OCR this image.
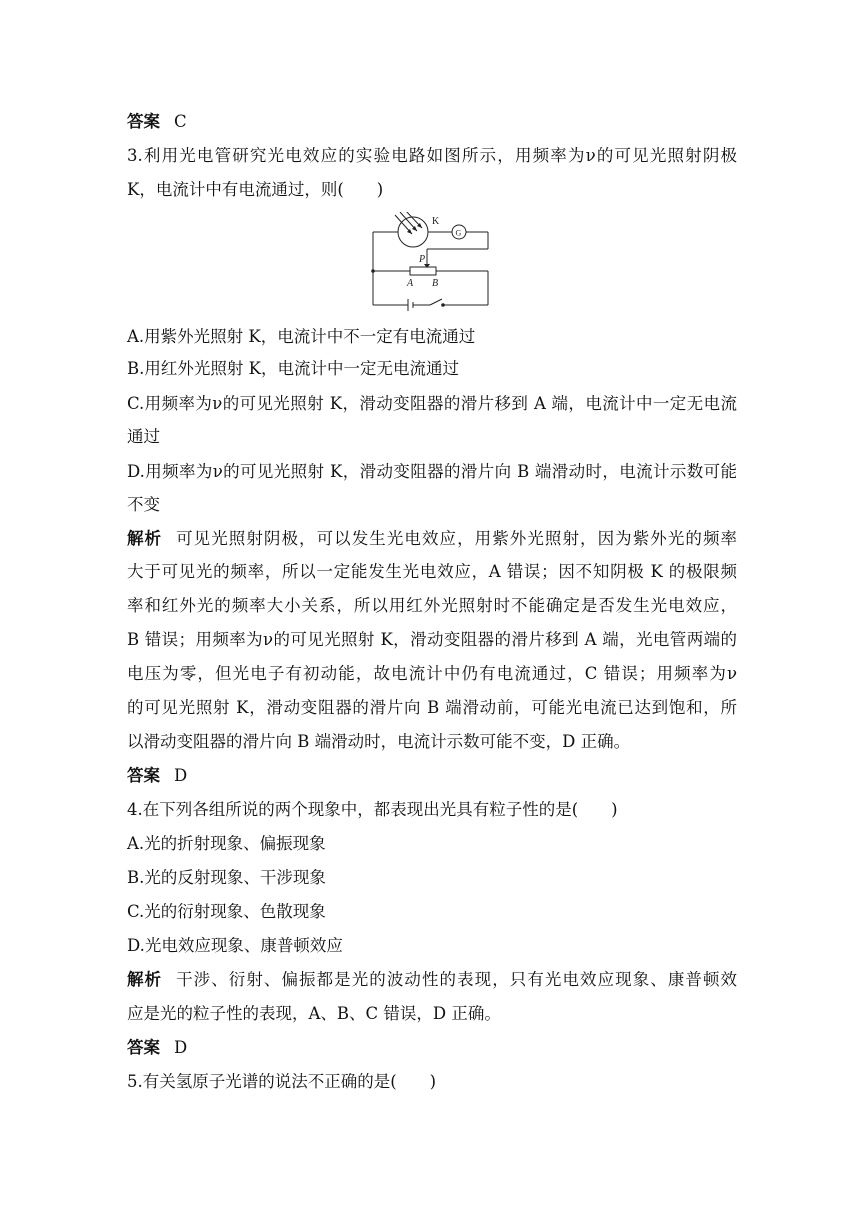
答案 C
3.利用光电管研究光电效应的实验电路如图所示，用频率为ν的可见光照射阴极
K，电流计中有电流通过，则(　　)
K
G
P
A B
A.用紫外光照射 K，电流计中不一定有电流通过
B.用红外光照射 K，电流计中一定无电流通过
C.用频率为ν的可见光照射 K，滑动变阻器的滑片移到 A 端，电流计中一定无电流
通过
D.用频率为ν的可见光照射 K，滑动变阻器的滑片向 B 端滑动时，电流计示数可能
不变
解析 可见光照射阴极，可以发生光电效应，用紫外光照射，因为紫外光的频率
大于可见光的频率，所以一定能发生光电效应，A 错误；因不知阴极 K 的极限频
率和红外光的频率大小关系，所以用红外光照射时不能确定是否发生光电效应，
B 错误；用频率为ν的可见光照射 K，滑动变阻器的滑片移到 A 端，光电管两端的
电压为零，但光电子有初动能，故电流计中仍有电流通过，C 错误；用频率为ν
的可见光照射 K，滑动变阻器的滑片向 B 端滑动前，可能光电流已达到饱和，所
以滑动变阻器的滑片向 B 端滑动时，电流计示数可能不变，D 正确。
答案 D
4.在下列各组所说的两个现象中，都表现出光具有粒子性的是(　　)
A.光的折射现象、偏振现象
B.光的反射现象、干涉现象
C.光的衍射现象、色散现象
D.光电效应现象、康普顿效应
解析 干涉、衍射、偏振都是光的波动性的表现，只有光电效应现象、康普顿效
应是光的粒子性的表现，A、B、C 错误，D 正确。
答案 D
5.有关氢原子光谱的说法不正确的是(　　)
